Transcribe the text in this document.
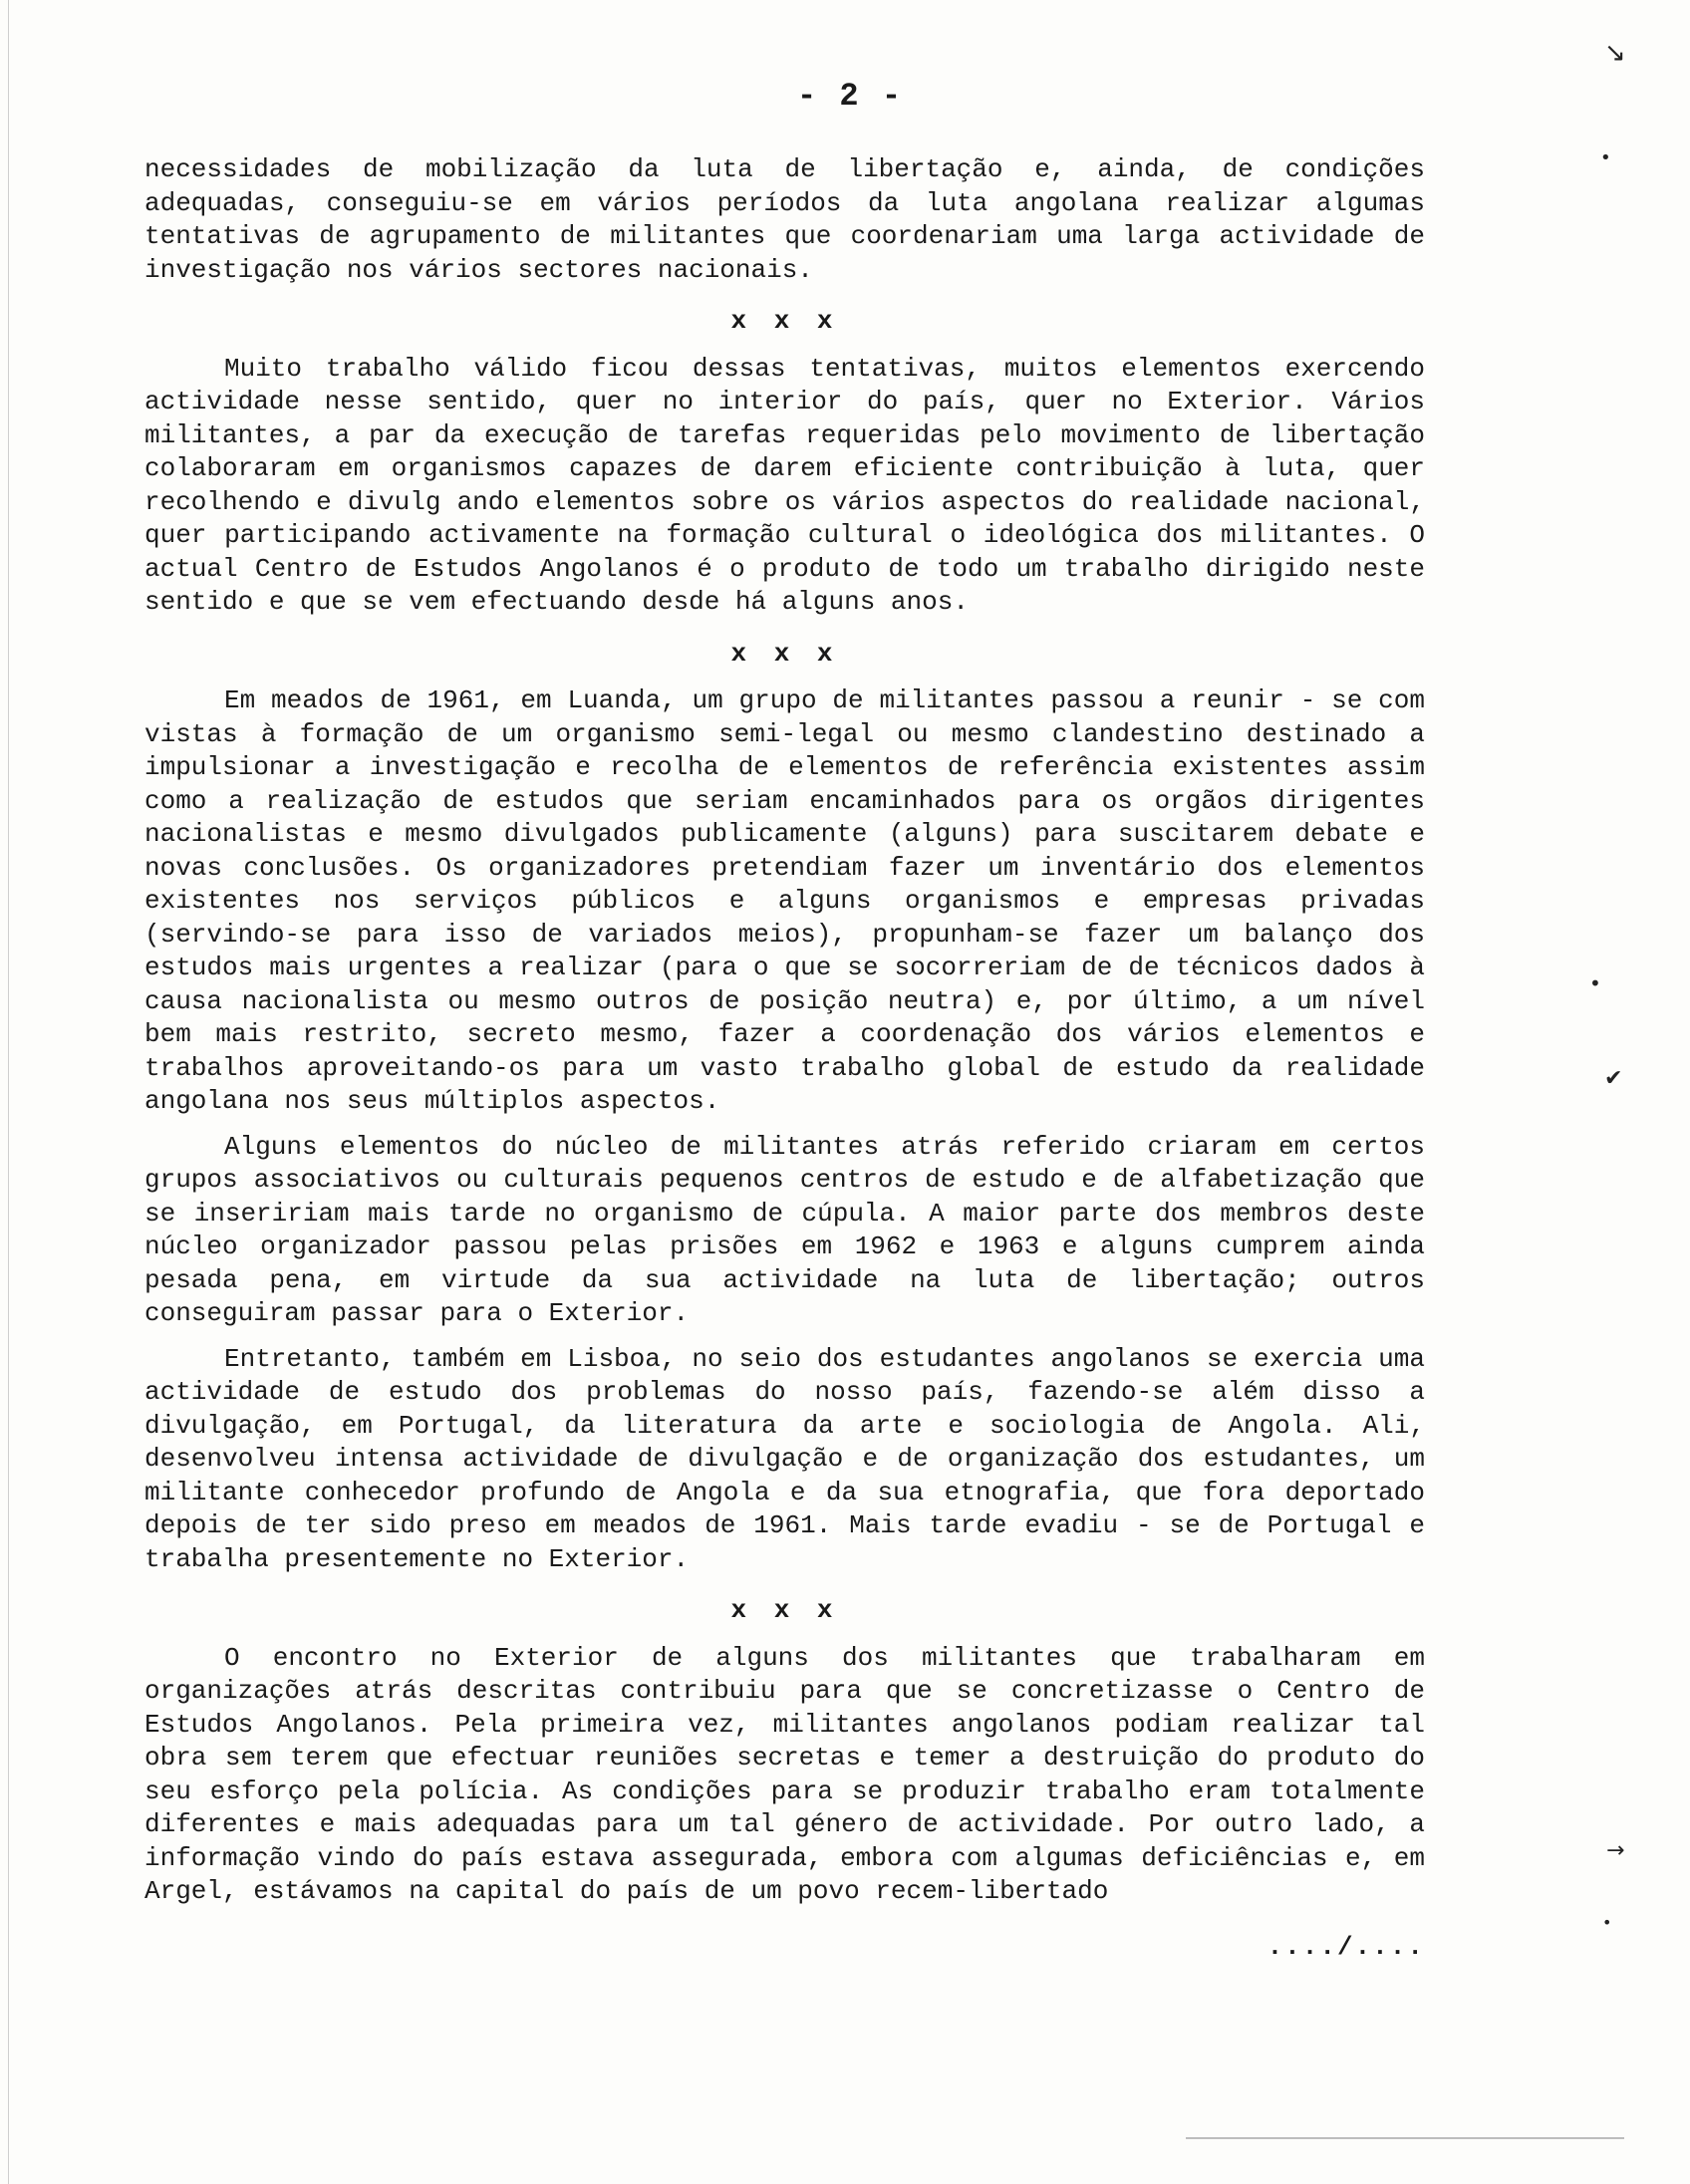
- 2 -

necessidades de mobilização da luta de libertação e, ainda, de condições adequadas, conseguiu-se em vários períodos da luta angolana realizar algumas tentativas de agrupamento de militantes que coordenariam uma larga actividade de investigação nos vários sectores nacionais.

x x x

Muito trabalho válido ficou dessas tentativas, muitos elementos exercendo actividade nesse sentido, quer no interior do país, quer no Exterior. Vários militantes, a par da execução de tarefas requeridas pelo movimento de libertação colaboraram em organismos capazes de darem eficiente contribuição à luta, quer recolhendo e divulg ando elementos sobre os vários aspectos do realidade nacional, quer participando activamente na formação cultural o ideológica dos militantes. O actual Centro de Estudos Angolanos é o produto de todo um trabalho dirigido neste sentido e que se vem efectuando desde há alguns anos.

x x x

Em meados de 1961, em Luanda, um grupo de militantes passou a reunir - se com vistas à formação de um organismo semi-legal ou mesmo clandestino destinado a impulsionar a investigação e recolha de elementos de referência existentes assim como a realização de estudos que seriam encaminhados para os orgãos dirigentes nacionalistas e mesmo divulgados publicamente (alguns) para suscitarem debate e novas conclusões. Os organizadores pretendiam fazer um inventário dos elementos existentes nos serviços públicos e alguns organismos e empresas privadas (servindo-se para isso de variados meios), propunham-se fazer um balanço dos estudos mais urgentes a realizar (para o que se socorreriam de de técnicos dados à causa nacionalista ou mesmo outros de posição neutra) e, por último, a um nível bem mais restrito, secreto mesmo, fazer a coordenação dos vários elementos e trabalhos aproveitando-os para um vasto trabalho global de estudo da realidade angolana nos seus múltiplos aspectos.

Alguns elementos do núcleo de militantes atrás referido criaram em certos grupos associativos ou culturais pequenos centros de estudo e de alfabetização que se inseririam mais tarde no organismo de cúpula. A maior parte dos membros deste núcleo organizador passou pelas prisões em 1962 e 1963 e alguns cumprem ainda pesada pena, em virtude da sua actividade na luta de libertação; outros conseguiram passar para o Exterior.

Entretanto, também em Lisboa, no seio dos estudantes angolanos se exercia uma actividade de estudo dos problemas do nosso país, fazendo-se além disso a divulgação, em Portugal, da literatura da arte e sociologia de Angola. Ali, desenvolveu intensa actividade de divulgação e de organização dos estudantes, um militante conhecedor profundo de Angola e da sua etnografia, que fora deportado depois de ter sido preso em meados de 1961. Mais tarde evadiu - se de Portugal e trabalha presentemente no Exterior.

x x x

O encontro no Exterior de alguns dos militantes que trabalharam em organizações atrás descritas contribuiu para que se concretizasse o Centro de Estudos Angolanos. Pela primeira vez, militantes angolanos podiam realizar tal obra sem terem que efectuar reuniões secretas e temer a destruição do produto do seu esforço pela polícia. As condições para se produzir trabalho eram totalmente diferentes e mais adequadas para um tal género de actividade. Por outro lado, a informação vindo do país estava assegurada, embora com algumas deficiências e, em Argel, estávamos na capital do país de um povo recem-libertado

..../....
↘
•
•
✔
→
•
